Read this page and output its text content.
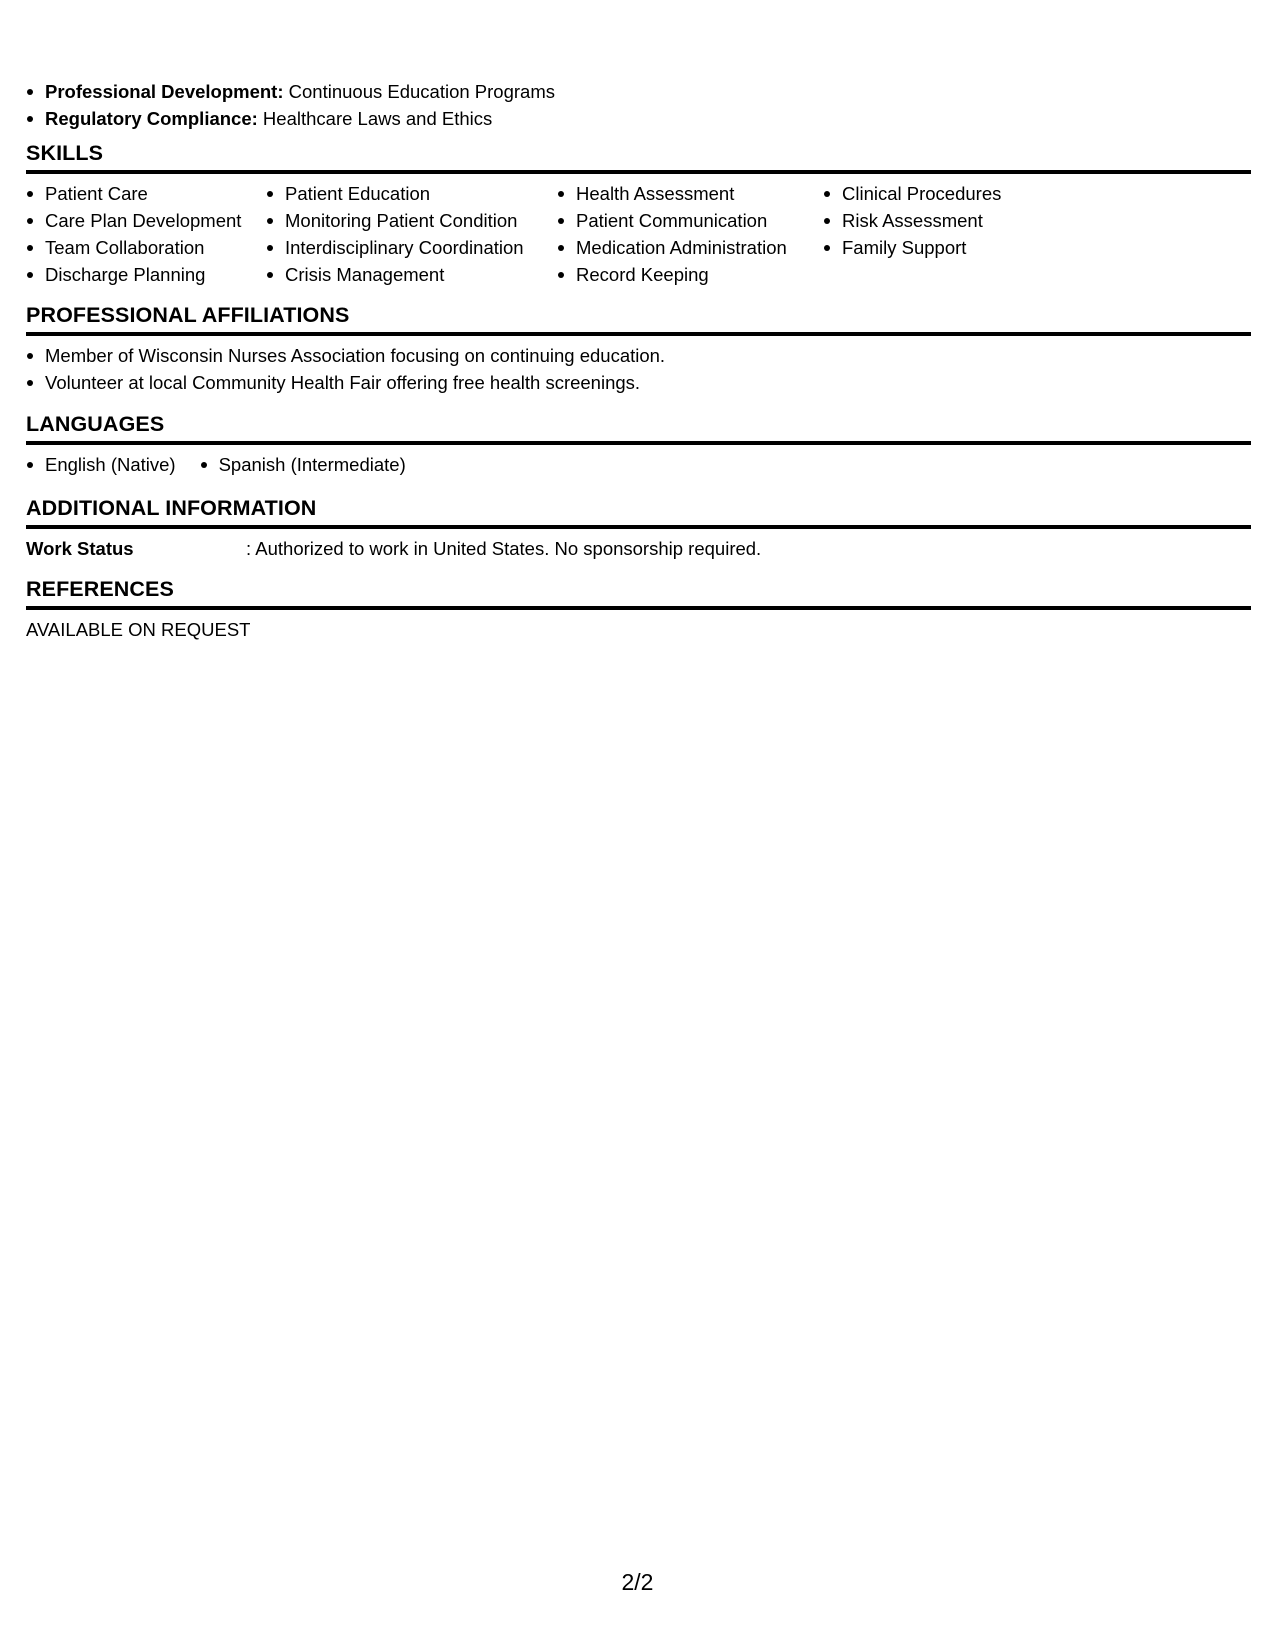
Professional Development: Continuous Education Programs
Regulatory Compliance: Healthcare Laws and Ethics
SKILLS
Patient Care
Care Plan Development
Team Collaboration
Discharge Planning
Patient Education
Monitoring Patient Condition
Interdisciplinary Coordination
Crisis Management
Health Assessment
Patient Communication
Medication Administration
Record Keeping
Clinical Procedures
Risk Assessment
Family Support
PROFESSIONAL AFFILIATIONS
Member of Wisconsin Nurses Association focusing on continuing education.
Volunteer at local Community Health Fair offering free health screenings.
LANGUAGES
English (Native)	Spanish (Intermediate)
ADDITIONAL INFORMATION
Work Status	: Authorized to work in United States. No sponsorship required.
REFERENCES
AVAILABLE ON REQUEST
2/2
